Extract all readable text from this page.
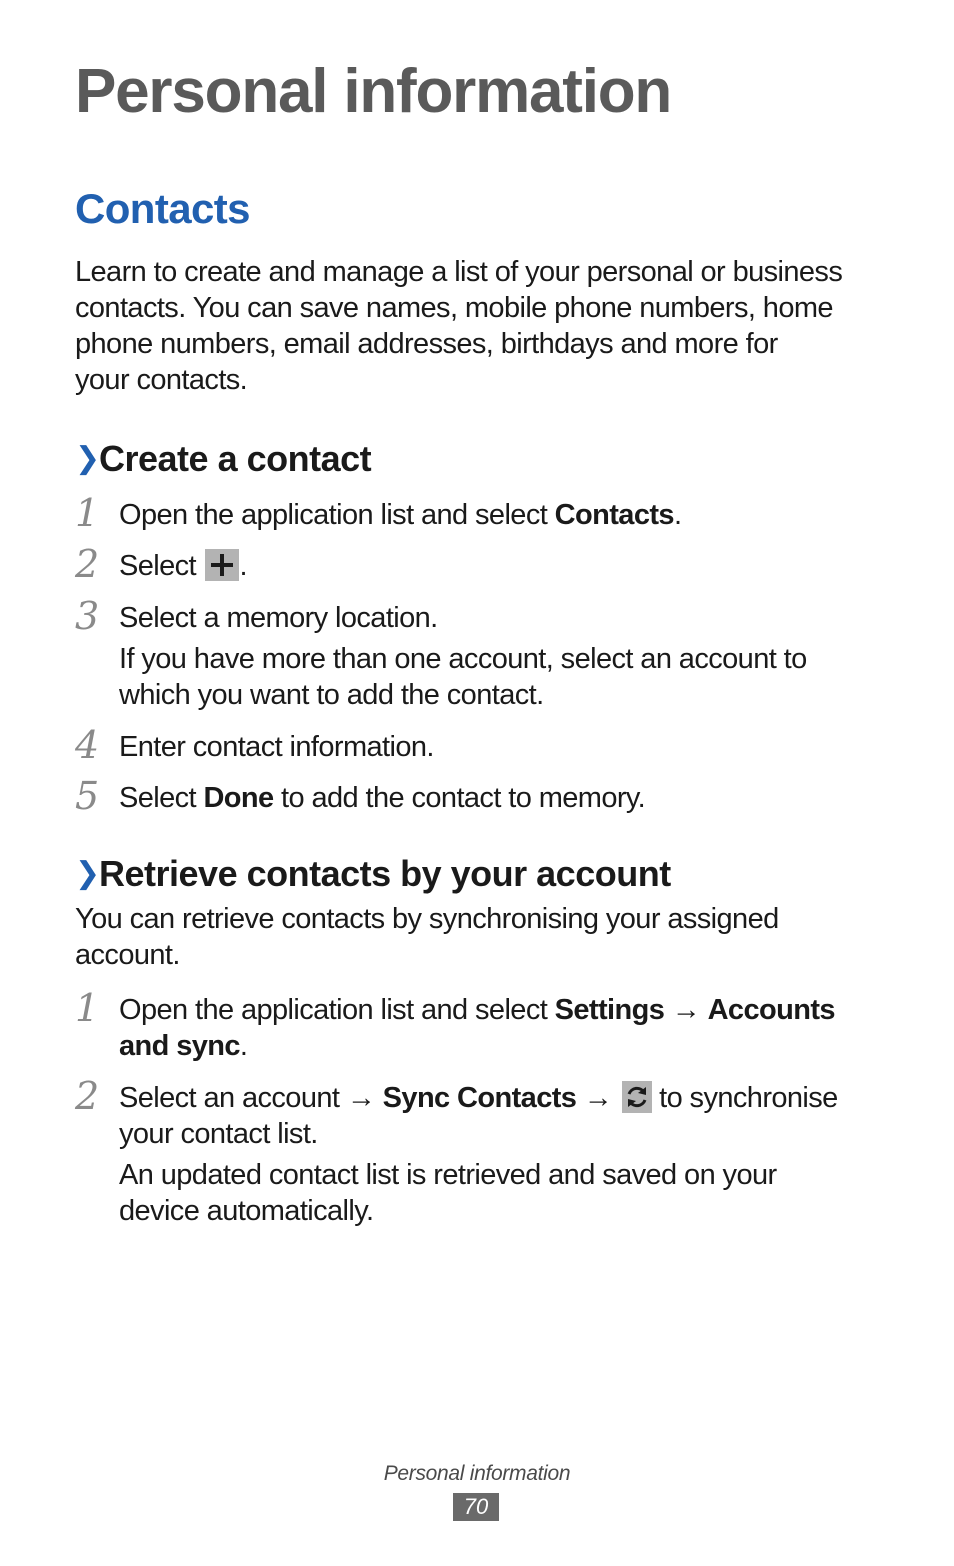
Personal information
Contacts
Learn to create and manage a list of your personal or business
contacts. You can save names, mobile phone numbers, home
phone numbers, email addresses, birthdays and more for
your contacts.
❯Create a contact
1 Open the application list and select Contacts.
2 Select
.
3 Select a memory location.
If you have more than one account, select an account to
which you want to add the contact.
4 Enter contact information.
5 Select Done to add the contact to memory.
❯Retrieve contacts by your account
You can retrieve contacts by synchronising your assigned
account.
1 Open the application list and select Settings → Accounts
and sync.
2 Select an account → Sync Contacts →
to synchronise
your contact list.
An updated contact list is retrieved and saved on your
device automatically.
Personal information
70
